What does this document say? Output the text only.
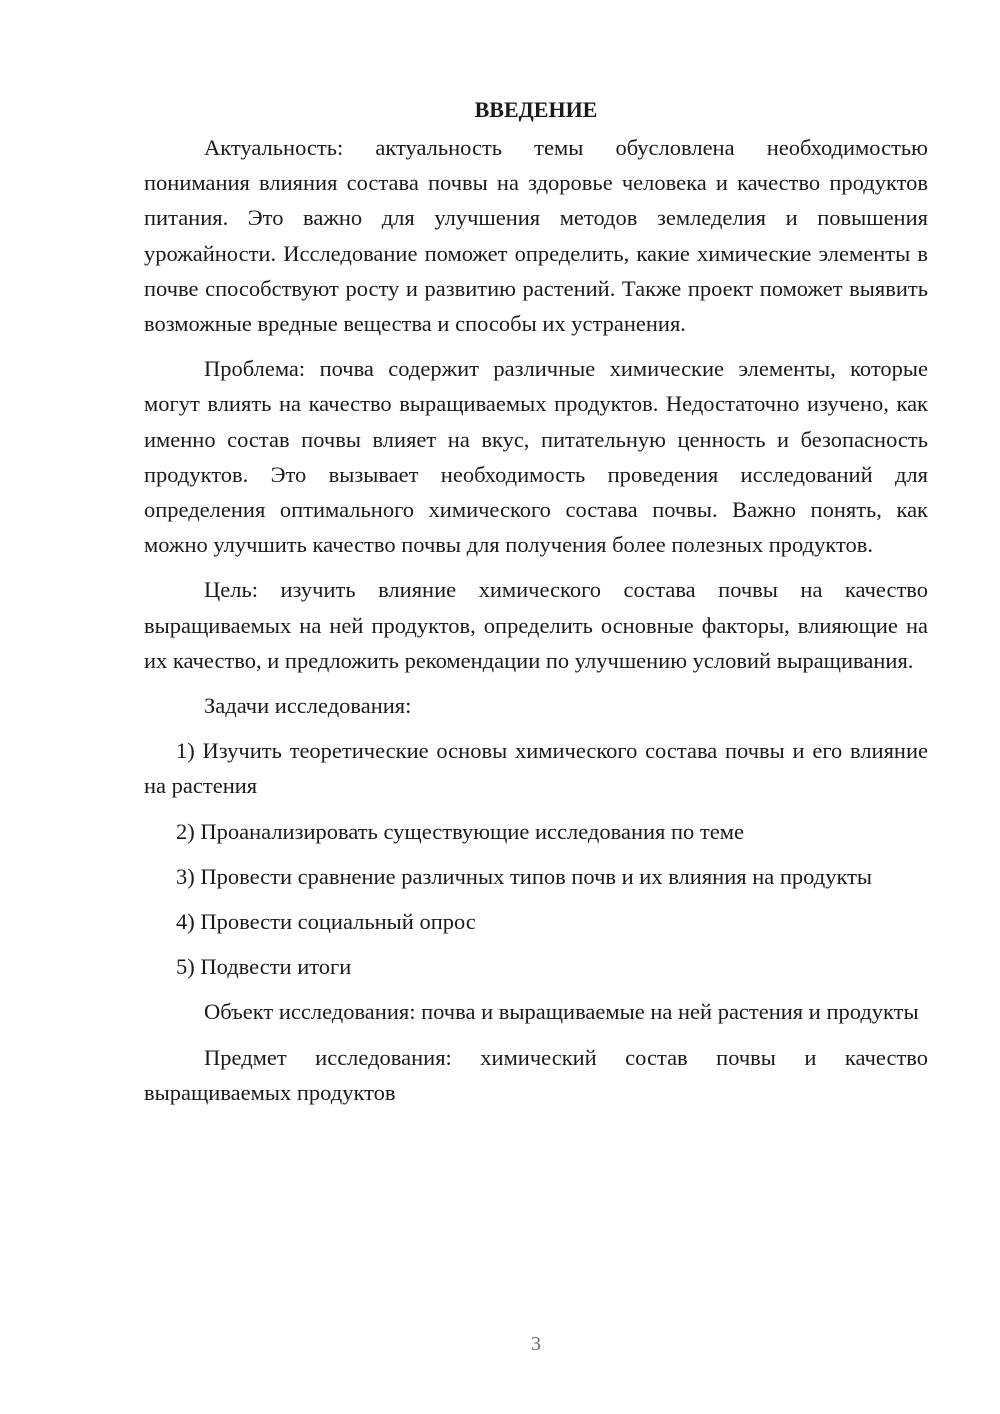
ВВЕДЕНИЕ

Актуальность: актуальность темы обусловлена необходимостью понимания влияния состава почвы на здоровье человека и качество продуктов питания. Это важно для улучшения методов земледелия и повышения урожайности. Исследование поможет определить, какие химические элементы в почве способствуют росту и развитию растений. Также проект поможет выявить возможные вредные вещества и способы их устранения.

Проблема: почва содержит различные химические элементы, которые могут влиять на качество выращиваемых продуктов. Недостаточно изучено, как именно состав почвы влияет на вкус, питательную ценность и безопасность продуктов. Это вызывает необходимость проведения исследований для определения оптимального химического состава почвы. Важно понять, как можно улучшить качество почвы для получения более полезных продуктов.

Цель: изучить влияние химического состава почвы на качество выращиваемых на ней продуктов, определить основные факторы, влияющие на их качество, и предложить рекомендации по улучшению условий выращивания.

Задачи исследования:

1) Изучить теоретические основы химического состава почвы и его влияние на растения

2) Проанализировать существующие исследования по теме

3) Провести сравнение различных типов почв и их влияния на продукты

4) Провести социальный опрос

5) Подвести итоги

Объект исследования: почва и выращиваемые на ней растения и продукты

Предмет исследования: химический состав почвы и качество выращиваемых продуктов

3
